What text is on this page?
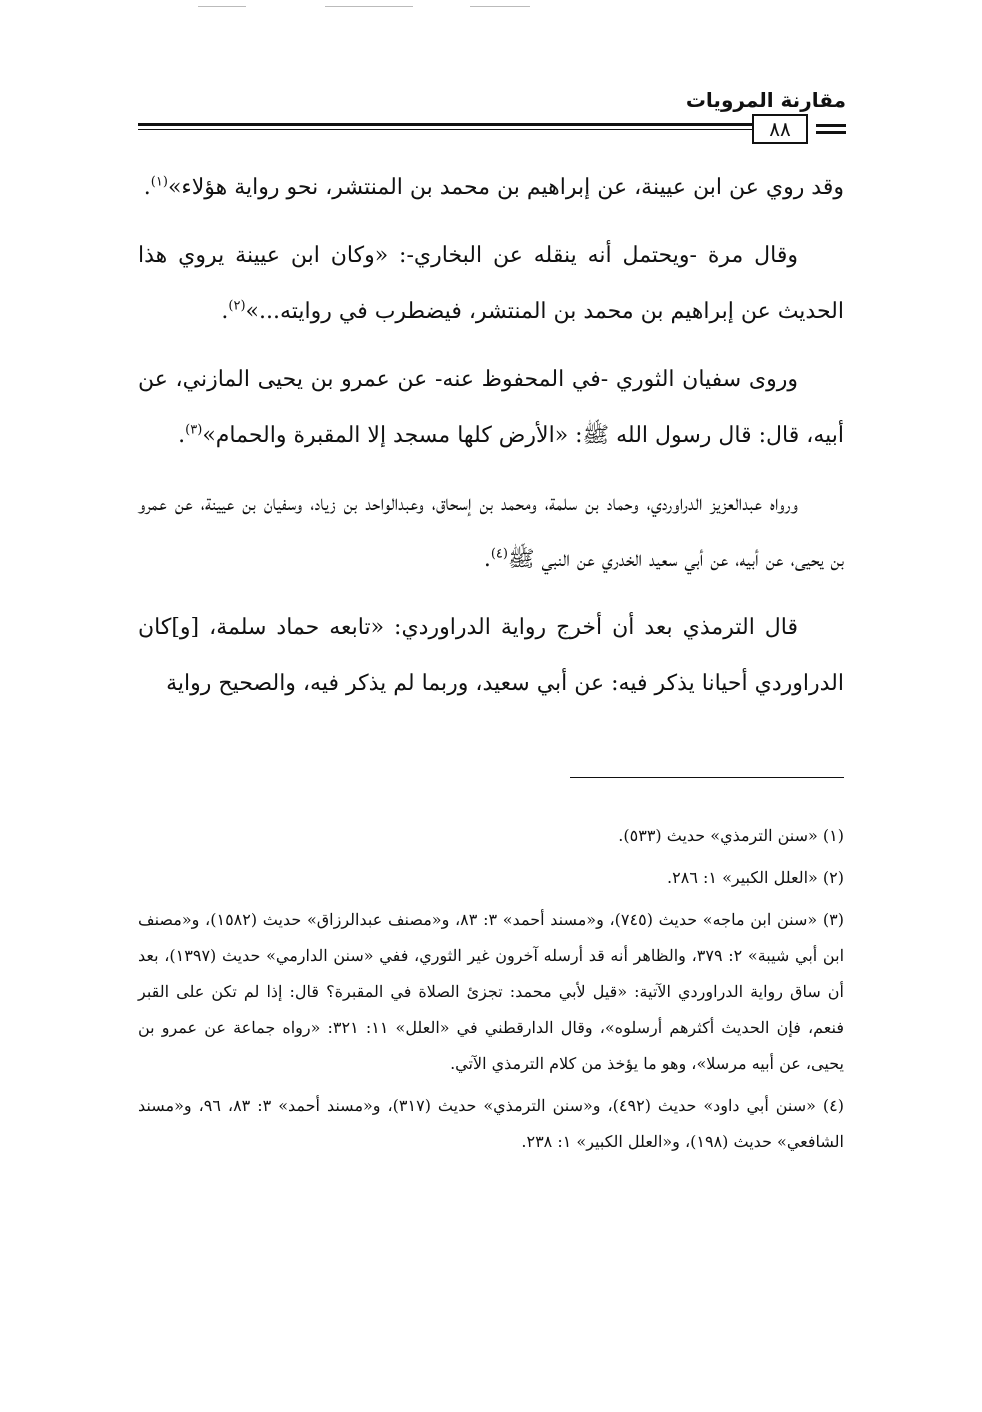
مقارنة المرويات
٨٨

وقد روي عن ابن عيينة، عن إبراهيم بن محمد بن المنتشر، نحو رواية هؤلاء»$^{(١)}$.

وقال مرة -ويحتمل أنه ينقله عن البخاري-: «وكان ابن عيينة يروي هذا الحديث عن إبراهيم بن محمد بن المنتشر، فيضطرب في روايته...»$^{(٢)}$.

وروى سفيان الثوري -في المحفوظ عنه- عن عمرو بن يحيى المازني، عن أبيه، قال: قال رسول الله ﷺ: «الأرض كلها مسجد إلا المقبرة والحمام»$^{(٣)}$.

ورواه عبدالعزيز الدراوردي، وحماد بن سلمة، ومحمد بن إسحاق، وعبدالواحد بن زياد، وسفيان بن عيينة، عن عمرو بن يحيى، عن أبيه، عن أبي سعيد الخدري عن النبي ﷺ$^{(٤)}$.

قال الترمذي بعد أن أخرج رواية الدراوردي: «تابعه حماد سلمة، [و]كان الدراوردي أحيانا يذكر فيه: عن أبي سعيد، وربما لم يذكر فيه، والصحيح رواية

(١) «سنن الترمذي» حديث (٥٣٣).
(٢) «العلل الكبير» ١: ٢٨٦.
(٣) «سنن ابن ماجه» حديث (٧٤٥)، و«مسند أحمد» ٣: ٨٣، و«مصنف عبدالرزاق» حديث (١٥٨٢)، و«مصنف ابن أبي شيبة» ٢: ٣٧٩، والظاهر أنه قد أرسله آخرون غير الثوري، ففي «سنن الدارمي» حديث (١٣٩٧)، بعد أن ساق رواية الدراوردي الآتية: «قيل لأبي محمد: تجزئ الصلاة في المقبرة؟ قال: إذا لم تكن على القبر فنعم، فإن الحديث أكثرهم أرسلوه»، وقال الدارقطني في «العلل» ١١: ٣٢١: «رواه جماعة عن عمرو بن يحيى، عن أبيه مرسلا»، وهو ما يؤخذ من كلام الترمذي الآتي.
(٤) «سنن أبي داود» حديث (٤٩٢)، و«سنن الترمذي» حديث (٣١٧)، و«مسند أحمد» ٣: ٨٣، ٩٦، و«مسند الشافعي» حديث (١٩٨)، و«العلل الكبير» ١: ٢٣٨.
